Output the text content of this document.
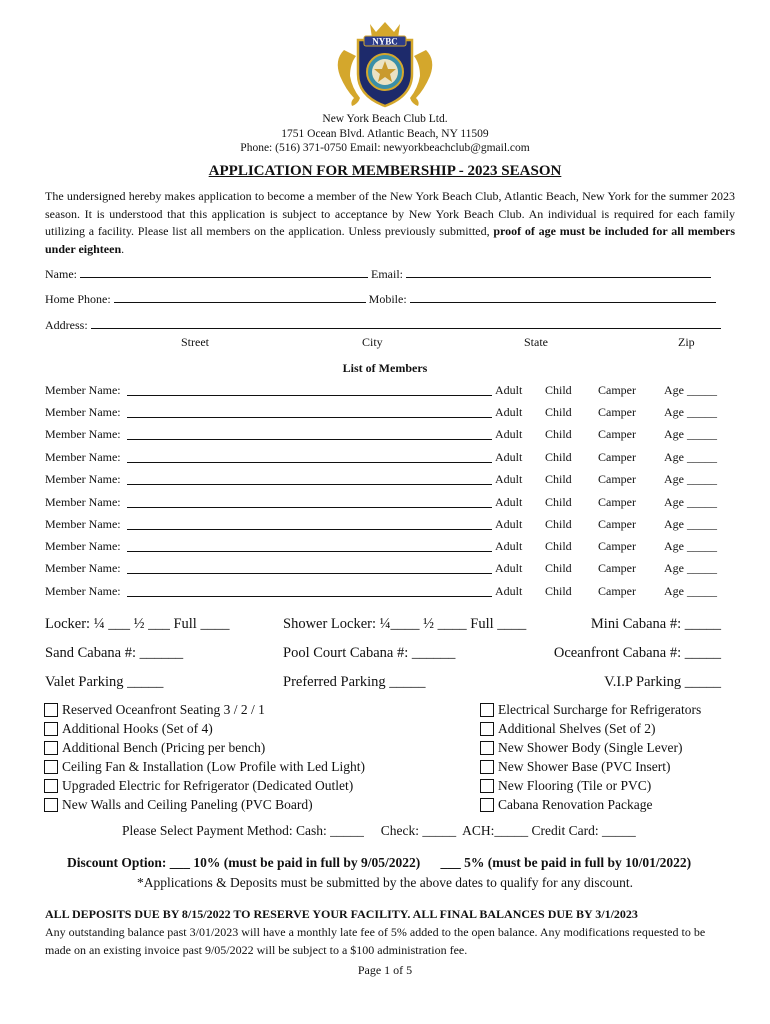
NYBC
New York Beach Club Ltd.
1751 Ocean Blvd. Atlantic Beach, NY 11509
Phone: (516) 371-0750 Email: newyorkbeachclub@gmail.com
APPLICATION FOR MEMBERSHIP - 2023 SEASON
The undersigned hereby makes application to become a member of the New York Beach Club, Atlantic Beach, New York for the summer 2023 season. It is understood that this application is subject to acceptance by New York Beach Club. An individual is required for each family utilizing a facility. Please list all members on the application. Unless previously submitted, proof of age must be included for all members under eighteen.
Name:	Email:
Home Phone:	Mobile:
Address:
Street	City	State	Zip
List of Members
Member Name:	Adult Child Camper Age _____
Member Name:	Adult Child Camper Age _____
Member Name:	Adult Child Camper Age _____
Member Name:	Adult Child Camper Age _____
Member Name:	Adult Child Camper Age _____
Member Name:	Adult Child Camper Age _____
Member Name:	Adult Child Camper Age _____
Member Name:	Adult Child Camper Age _____
Member Name:	Adult Child Camper Age _____
Member Name:	Adult Child Camper Age _____
Locker: ¼ ___ ½ ___ Full ____	Shower Locker: ¼____ ½ ____ Full ____	Mini Cabana #: _____
Sand Cabana #: ______	Pool Court Cabana #: ______	Oceanfront Cabana #: _____
Valet Parking _____	Preferred Parking _____	V.I.P Parking _____
Reserved Oceanfront Seating 3 / 2 / 1
Additional Hooks (Set of 4)
Additional Bench (Pricing per bench)
Ceiling Fan & Installation (Low Profile with Led Light)
Upgraded Electric for Refrigerator (Dedicated Outlet)
New Walls and Ceiling Paneling (PVC Board)
Electrical Surcharge for Refrigerators
Additional Shelves (Set of 2)
New Shower Body (Single Lever)
New Shower Base (PVC Insert)
New Flooring (Tile or PVC)
Cabana Renovation Package
Please Select Payment Method: Cash: _____     Check: _____  ACH:_____ Credit Card: _____
Discount Option: ___ 10% (must be paid in full by 9/05/2022)      ___ 5% (must be paid in full by 10/01/2022)
*Applications & Deposits must be submitted by the above dates to qualify for any discount.
ALL DEPOSITS DUE BY 8/15/2022 TO RESERVE YOUR FACILITY. ALL FINAL BALANCES DUE BY 3/1/2023
Any outstanding balance past 3/01/2023 will have a monthly late fee of 5% added to the open balance. Any modifications requested to be made on an existing invoice past 9/05/2022 will be subject to a $100 administration fee.
Page 1 of 5
